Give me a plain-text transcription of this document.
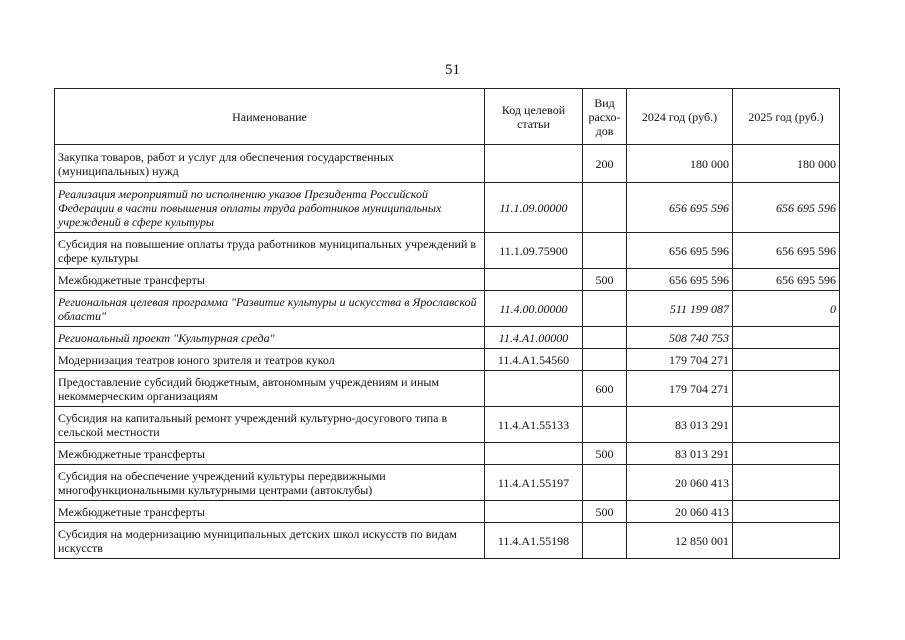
51
Наименование	Код целевой статьи	Вид расхо-дов	2024 год (руб.)	2025 год (руб.)
Закупка товаров, работ и услуг для обеспечения государственных (муниципальных) нужд		200	180 000	180 000
Реализация мероприятий по исполнению указов Президента Российской Федерации в части повышения оплаты труда работников муниципальных учреждений в сфере культуры	11.1.09.00000		656 695 596	656 695 596
Субсидия на повышение оплаты труда работников муниципальных учреждений в сфере культуры	11.1.09.75900		656 695 596	656 695 596
Межбюджетные трансферты		500	656 695 596	656 695 596
Региональная целевая программа "Развитие культуры и искусства в Ярославской области"	11.4.00.00000		511 199 087	0
Региональный проект "Культурная среда"	11.4.А1.00000		508 740 753	
Модернизация театров юного зрителя и театров кукол	11.4.А1.54560		179 704 271	
Предоставление субсидий бюджетным, автономным учреждениям и иным некоммерческим организациям		600	179 704 271	
Субсидия на капитальный ремонт учреждений культурно-досугового типа в сельской местности	11.4.А1.55133		83 013 291	
Межбюджетные трансферты		500	83 013 291	
Субсидия на обеспечение учреждений культуры передвижными многофункциональными культурными центрами (автоклубы)	11.4.А1.55197		20 060 413	
Межбюджетные трансферты		500	20 060 413	
Субсидия на модернизацию муниципальных детских школ искусств по видам искусств	11.4.А1.55198		12 850 001	
